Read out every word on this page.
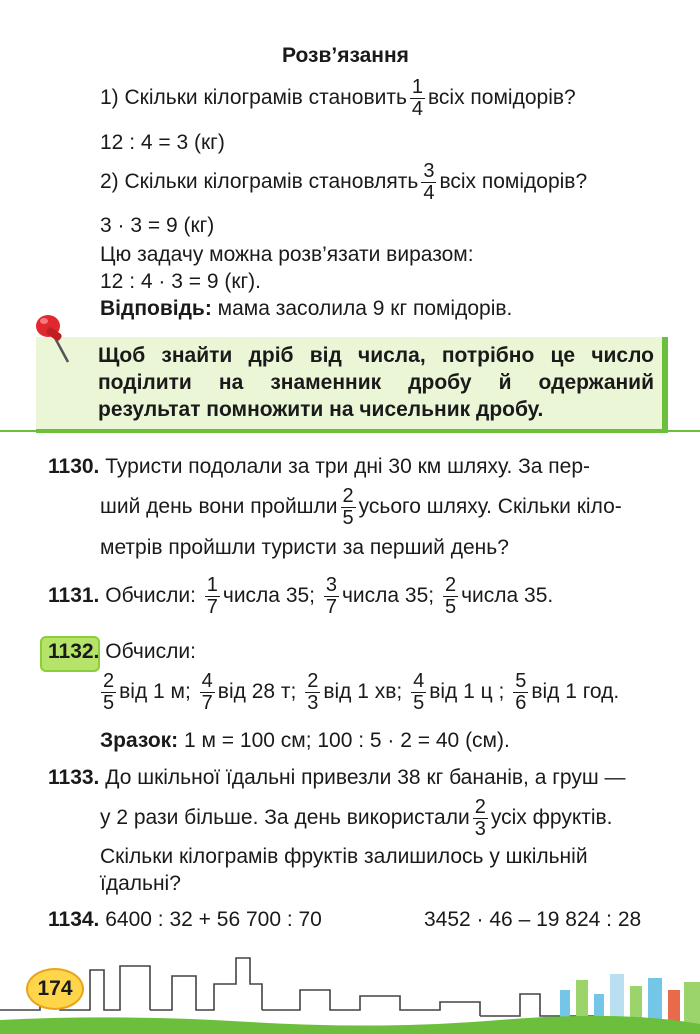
Розв’язання
1) Скільки кілограмів становить $\frac{1}{4}$ всіх помідорів?
12 : 4 = 3 (кг)
2) Скільки кілограмів становлять $\frac{3}{4}$ всіх помідорів?
3 · 3 = 9 (кг)
Цю задачу можна розв’язати виразом:
12 : 4 · 3 = 9 (кг).
Відповідь: мама засолила 9 кг помідорів.
Щоб знайти дріб від числа, потрібно це число поділити на знаменник дробу й одержаний результат помножити на чисельник дробу.
1130. Туристи подолали за три дні 30 км шляху. За пер-
ший день вони пройшли $\frac{2}{5}$ усього шляху. Скільки кіло-
метрів пройшли туристи за перший день?
1131.
Обчисли:
$\frac{1}{7}$ числа 35;
$\frac{3}{7}$ числа 35;
$\frac{2}{5}$ числа 35.
1132. Обчисли:
$\frac{2}{5}$ від 1 м;
$\frac{4}{7}$ від 28 т;
$\frac{2}{3}$ від 1 хв;
$\frac{4}{5}$ від 1 ц ;
$\frac{5}{6}$ від 1 год.
Зразок: 1 м = 100 см; 100 : 5 · 2 = 40 (см).
1133. До шкільної їдальні привезли 38 кг бананів, а груш —
у 2 рази більше. За день використали $\frac{2}{3}$ усіх фруктів.
Скільки кілограмів фруктів залишилось у шкільній
їдальні?
1134. 6400 : 32 + 56 700 : 70	3452 · 46 – 19 824 : 28
174
